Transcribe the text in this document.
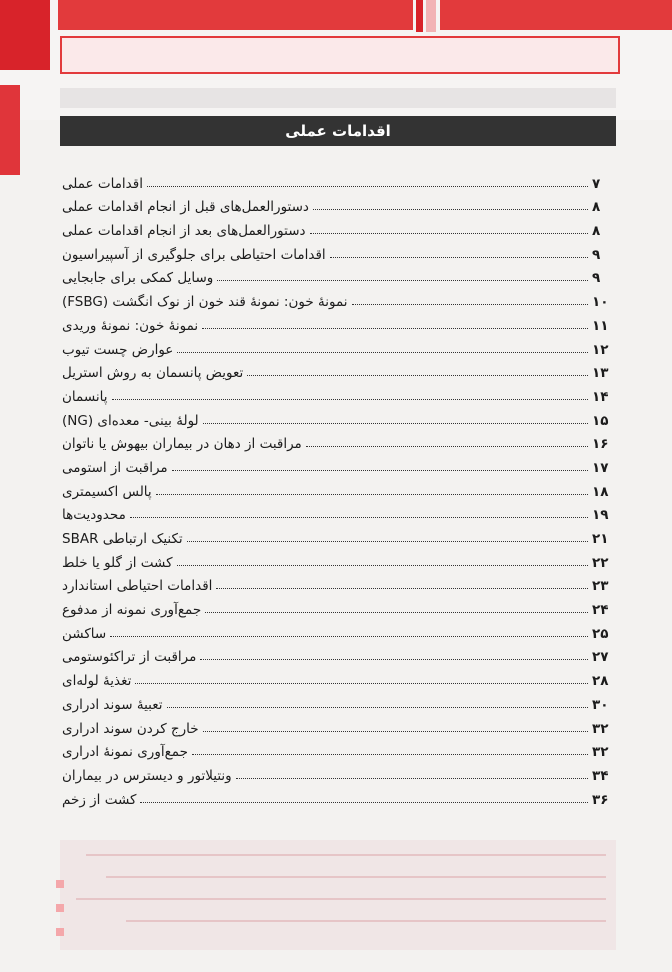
اقدامات عملی
اقدامات عملی	۷
دستورالعمل‌های قبل از انجام اقدامات عملی	۸
دستورالعمل‌های بعد از انجام اقدامات عملی	۸
اقدامات احتیاطی برای جلوگیری از آسپیراسیون	۹
وسایل کمکی برای جابجایی	۹
نمونهٔ خون: نمونهٔ قند خون از نوک انگشت (FSBG)	۱۰
نمونهٔ خون: نمونهٔ وریدی	۱۱
عوارض چست تیوب	۱۲
تعویض پانسمان به روش استریل	۱۳
پانسمان	۱۴
لولهٔ بینی- معده‌ای (NG)	۱۵
مراقبت از دهان در بیماران بیهوش یا ناتوان	۱۶
مراقبت از استومی	۱۷
پالس اکسیمتری	۱۸
محدودیت‌ها	۱۹
تکنیک ارتباطی SBAR	۲۱
کشت از گلو یا خلط	۲۲
اقدامات احتیاطی استاندارد	۲۳
جمع‌آوری نمونه از مدفوع	۲۴
ساکشن	۲۵
مراقبت از تراکئوستومی	۲۷
تغذیهٔ لوله‌ای	۲۸
تعبیهٔ سوند ادراری	۳۰
خارج کردن سوند ادراری	۳۲
جمع‌آوری نمونهٔ ادراری	۳۲
ونتیلاتور و دیسترس در بیماران	۳۴
کشت از زخم	۳۶
